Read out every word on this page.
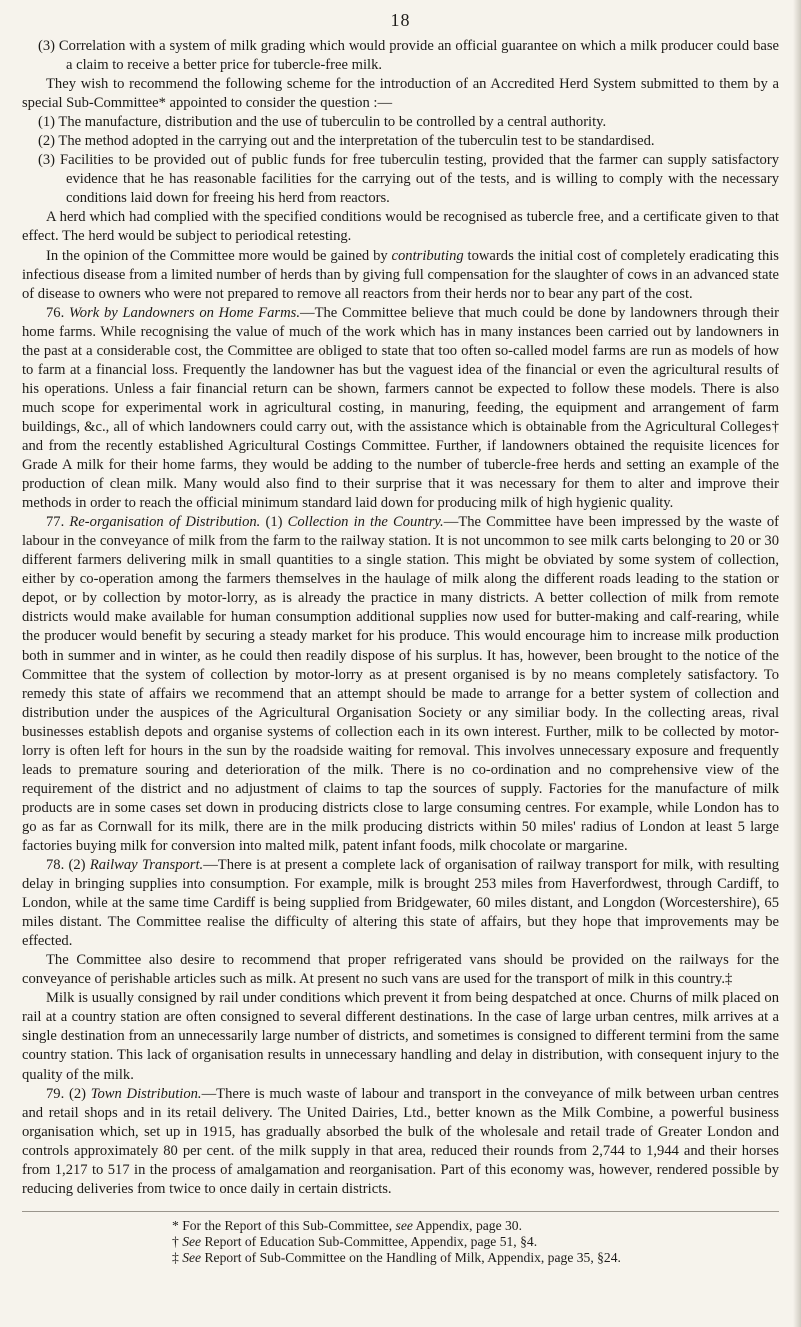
18

(3) Correlation with a system of milk grading which would provide an official guarantee on which a milk producer could base a claim to receive a better price for tubercle-free milk.

They wish to recommend the following scheme for the introduction of an Accredited Herd System submitted to them by a special Sub-Committee* appointed to consider the question :—

(1) The manufacture, distribution and the use of tuberculin to be controlled by a central authority.

(2) The method adopted in the carrying out and the interpretation of the tuberculin test to be standardised.

(3) Facilities to be provided out of public funds for free tuberculin testing, provided that the farmer can supply satisfactory evidence that he has reasonable facilities for the carrying out of the tests, and is willing to comply with the necessary conditions laid down for freeing his herd from reactors.

A herd which had complied with the specified conditions would be recognised as tubercle free, and a certificate given to that effect. The herd would be subject to periodical retesting.

In the opinion of the Committee more would be gained by contributing towards the initial cost of completely eradicating this infectious disease from a limited number of herds than by giving full compensation for the slaughter of cows in an advanced state of disease to owners who were not prepared to remove all reactors from their herds nor to bear any part of the cost.

76. Work by Landowners on Home Farms.—The Committee believe that much could be done by landowners through their home farms. While recognising the value of much of the work which has in many instances been carried out by landowners in the past at a considerable cost, the Committee are obliged to state that too often so-called model farms are run as models of how to farm at a financial loss. Frequently the landowner has but the vaguest idea of the financial or even the agricultural results of his operations. Unless a fair financial return can be shown, farmers cannot be expected to follow these models. There is also much scope for experimental work in agricultural costing, in manuring, feeding, the equipment and arrangement of farm buildings, &c., all of which landowners could carry out, with the assistance which is obtainable from the Agricultural Colleges† and from the recently established Agricultural Costings Committee. Further, if landowners obtained the requisite licences for Grade A milk for their home farms, they would be adding to the number of tubercle-free herds and setting an example of the production of clean milk. Many would also find to their surprise that it was necessary for them to alter and improve their methods in order to reach the official minimum standard laid down for producing milk of high hygienic quality.

77. Re-organisation of Distribution. (1) Collection in the Country.—The Committee have been impressed by the waste of labour in the conveyance of milk from the farm to the railway station. It is not uncommon to see milk carts belonging to 20 or 30 different farmers delivering milk in small quantities to a single station. This might be obviated by some system of collection, either by co-operation among the farmers themselves in the haulage of milk along the different roads leading to the station or depot, or by collection by motor-lorry, as is already the practice in many districts. A better collection of milk from remote districts would make available for human consumption additional supplies now used for butter-making and calf-rearing, while the producer would benefit by securing a steady market for his produce. This would encourage him to increase milk production both in summer and in winter, as he could then readily dispose of his surplus. It has, however, been brought to the notice of the Committee that the system of collection by motor-lorry as at present organised is by no means completely satisfactory. To remedy this state of affairs we recommend that an attempt should be made to arrange for a better system of collection and distribution under the auspices of the Agricultural Organisation Society or any similiar body. In the collecting areas, rival businesses establish depots and organise systems of collection each in its own interest. Further, milk to be collected by motor-lorry is often left for hours in the sun by the roadside waiting for removal. This involves unnecessary exposure and frequently leads to premature souring and deterioration of the milk. There is no co-ordination and no comprehensive view of the requirement of the district and no adjustment of claims to tap the sources of supply. Factories for the manufacture of milk products are in some cases set down in producing districts close to large consuming centres. For example, while London has to go as far as Cornwall for its milk, there are in the milk producing districts within 50 miles' radius of London at least 5 large factories buying milk for conversion into malted milk, patent infant foods, milk chocolate or margarine.

78. (2) Railway Transport.—There is at present a complete lack of organisation of railway transport for milk, with resulting delay in bringing supplies into consumption. For example, milk is brought 253 miles from Haverfordwest, through Cardiff, to London, while at the same time Cardiff is being supplied from Bridgewater, 60 miles distant, and Longdon (Worcestershire), 65 miles distant. The Committee realise the difficulty of altering this state of affairs, but they hope that improvements may be effected.

The Committee also desire to recommend that proper refrigerated vans should be provided on the railways for the conveyance of perishable articles such as milk. At present no such vans are used for the transport of milk in this country.‡

Milk is usually consigned by rail under conditions which prevent it from being despatched at once. Churns of milk placed on rail at a country station are often consigned to several different destinations. In the case of large urban centres, milk arrives at a single destination from an unnecessarily large number of districts, and sometimes is consigned to different termini from the same country station. This lack of organisation results in unnecessary handling and delay in distribution, with consequent injury to the quality of the milk.

79. (2) Town Distribution.—There is much waste of labour and transport in the conveyance of milk between urban centres and retail shops and in its retail delivery. The United Dairies, Ltd., better known as the Milk Combine, a powerful business organisation which, set up in 1915, has gradually absorbed the bulk of the wholesale and retail trade of Greater London and controls approximately 80 per cent. of the milk supply in that area, reduced their rounds from 2,744 to 1,944 and their horses from 1,217 to 517 in the process of amalgamation and reorganisation. Part of this economy was, however, rendered possible by reducing deliveries from twice to once daily in certain districts.

* For the Report of this Sub-Committee, see Appendix, page 30.

† See Report of Education Sub-Committee, Appendix, page 51, §4.

‡ See Report of Sub-Committee on the Handling of Milk, Appendix, page 35, §24.
